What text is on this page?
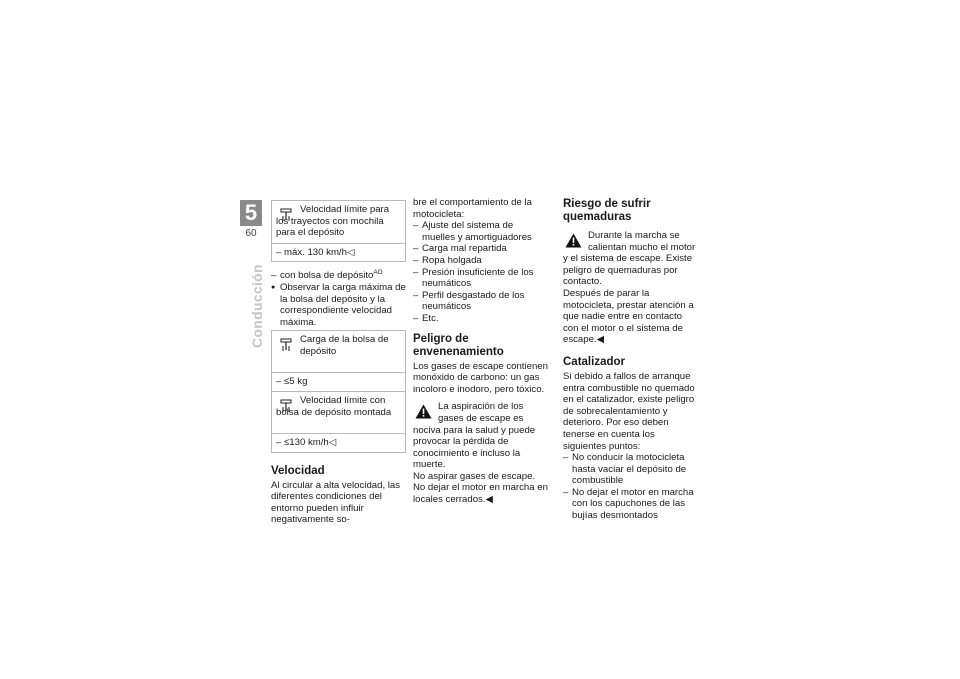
5
60
Conducción
Velocidad límite para los trayectos con mochila para el depósito
– máx. 130 km/h◁
– con bolsa de depósito$^{AO}$
● Observar la carga máxima de la bolsa del depósito y la correspondiente velocidad máxima.
Carga de la bolsa de depósito
– ≤5 kg
Velocidad límite con bolsa de depósito montada
– ≤130 km/h◁
Velocidad

Al circular a alta velocidad, las diferentes condiciones del entorno pueden influir negativamente so-

bre el comportamiento de la motocicleta:

– Ajuste del sistema de muelles y amortiguadores
– Carga mal repartida
– Ropa holgada
– Presión insuficiente de los neumáticos
– Perfil desgastado de los neumáticos
– Etc.
Peligro de envenenamiento

Los gases de escape contienen monóxido de carbono: un gas incoloro e inodoro, pero tóxico.

La aspiración de los gases de escape es nociva para la salud y puede provocar la pérdida de conocimiento e incluso la muerte.

No aspirar gases de escape. No dejar el motor en marcha en locales cerrados.◀

Riesgo de sufrir quemaduras

Durante la marcha se calientan mucho el motor y el sistema de escape. Existe peligro de quemaduras por contacto.

Después de parar la motocicleta, prestar atención a que nadie entre en contacto con el motor o el sistema de escape.◀

Catalizador

Si debido a fallos de arranque entra combustible no quemado en el catalizador, existe peligro de sobrecalentamiento y deterioro. Por eso deben tenerse en cuenta los siguientes puntos:

– No conducir la motocicleta hasta vaciar el depósito de combustible
– No dejar el motor en marcha con los capuchones de las bujías desmontados
